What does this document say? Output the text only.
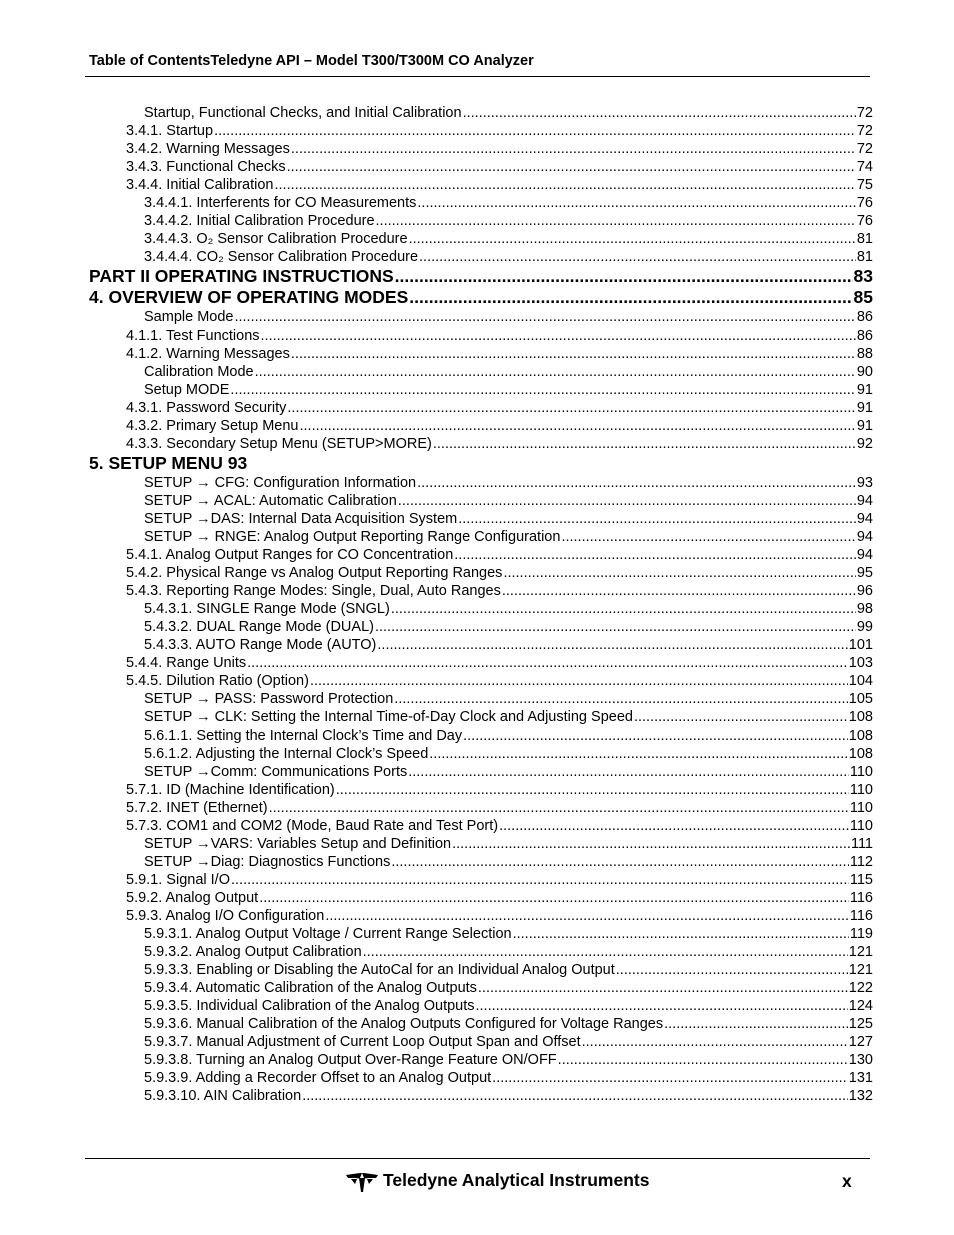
Table of ContentsTeledyne API – Model T300/T300M CO Analyzer
Startup, Functional Checks, and Initial Calibration .....	72
3.4.1. Startup .....	72
3.4.2. Warning Messages .....	72
3.4.3. Functional Checks .....	74
3.4.4. Initial Calibration .....	75
3.4.4.1. Interferents for CO Measurements .....	76
3.4.4.2. Initial Calibration Procedure .....	76
3.4.4.3. O₂ Sensor Calibration Procedure .....	81
3.4.4.4. CO₂ Sensor Calibration Procedure .....	81
PART II OPERATING INSTRUCTIONS .....	83
4. OVERVIEW OF OPERATING MODES .....	85
Sample Mode .....	86
4.1.1. Test Functions .....	86
4.1.2. Warning Messages .....	88
Calibration Mode .....	90
Setup MODE .....	91
4.3.1. Password Security .....	91
4.3.2. Primary Setup Menu .....	91
4.3.3. Secondary Setup Menu (SETUP>MORE) .....	92
5. SETUP MENU 93
SETUP → CFG: Configuration Information .....	93
SETUP → ACAL: Automatic Calibration .....	94
SETUP →DAS: Internal Data Acquisition System .....	94
SETUP → RNGE: Analog Output Reporting Range Configuration .....	94
5.4.1. Analog Output Ranges for CO Concentration .....	94
5.4.2. Physical Range vs Analog Output Reporting Ranges .....	95
5.4.3. Reporting Range Modes: Single, Dual, Auto Ranges .....	96
5.4.3.1. SINGLE Range Mode (SNGL) .....	98
5.4.3.2. DUAL Range Mode (DUAL) .....	99
5.4.3.3. AUTO Range Mode (AUTO) .....	101
5.4.4. Range Units .....	103
5.4.5. Dilution Ratio (Option) .....	104
SETUP → PASS: Password Protection .....	105
SETUP → CLK: Setting the Internal Time-of-Day Clock and Adjusting Speed .....	108
5.6.1.1. Setting the Internal Clock’s Time and Day .....	108
5.6.1.2. Adjusting the Internal Clock’s Speed .....	108
SETUP →Comm: Communications Ports .....	110
5.7.1. ID (Machine Identification) .....	110
5.7.2. INET (Ethernet) .....	110
5.7.3. COM1 and COM2 (Mode, Baud Rate and Test Port) .....	110
SETUP →VARS: Variables Setup and Definition .....	111
SETUP →Diag: Diagnostics Functions .....	112
5.9.1. Signal I/O .....	115
5.9.2. Analog Output .....	116
5.9.3. Analog I/O Configuration .....	116
5.9.3.1. Analog Output Voltage / Current Range Selection .....	119
5.9.3.2. Analog Output Calibration .....	121
5.9.3.3. Enabling or Disabling the AutoCal for an Individual Analog Output .....	121
5.9.3.4. Automatic Calibration of the Analog Outputs .....	122
5.9.3.5. Individual Calibration of the Analog Outputs .....	124
5.9.3.6. Manual Calibration of the Analog Outputs Configured for Voltage Ranges .....	125
5.9.3.7. Manual Adjustment of Current Loop Output Span and Offset .....	127
5.9.3.8. Turning an Analog Output Over-Range Feature ON/OFF .....	130
5.9.3.9. Adding a Recorder Offset to an Analog Output .....	131
5.9.3.10. AIN Calibration .....	132
Teledyne Analytical Instruments	x
